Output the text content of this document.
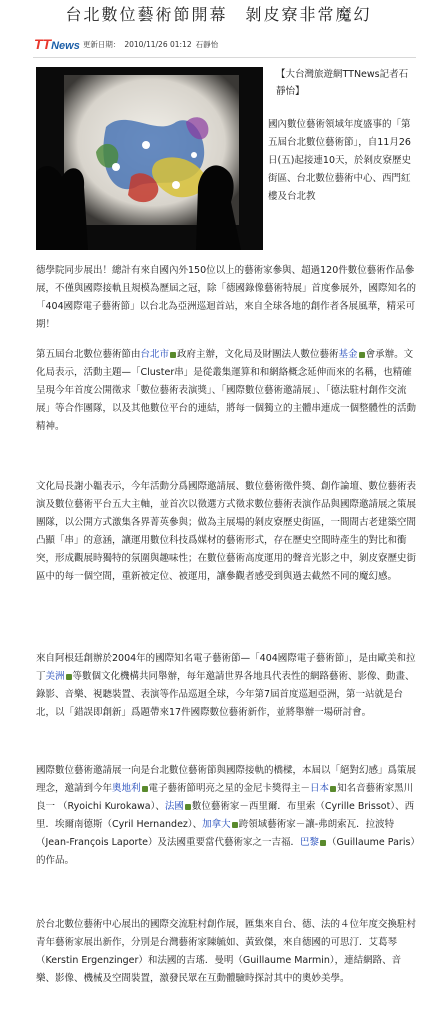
台北數位藝術節開幕　剝皮寮非常魔幻
TT News 更新日期： 2010/11/26 01:12 石靜怡
【大台灣旅遊網TTNews記者石靜怡】

國內數位藝術領域年度盛事的「第五屆台北數位藝術節」，自11月26日(五)起接連10天，於剝皮寮歷史街區、台北數位藝術中心、西門紅樓及台北教

德學院同步展出！總計有來自國內外150位以上的藝術家參與、超過120件數位藝術作品參展，不僅與國際接軌且規模為歷屆之冠，除「德國錄像藝術特展」首度參展外，國際知名的「404國際電子藝術節」以台北為亞洲巡迴首站，來自全球各地的創作者各展風華，精采可期！

第五屆台北數位藝術節由台北市 政府主辦，文化局及財團法人數位藝術基金 會承辦。文化局表示，活動主題—「Cluster串」是從叢集運算和和網絡概念延伸而來的名稱，也精確呈現今年首度公開徵求「數位藝術表演獎」、「國際數位藝術邀請展」、「德法駐村創作交流展」等合作團隊，以及其他數位平台的連結，將每一個獨立的主體串連成一個整體性的活動精神。

文化局長謝小韞表示，今年活動分爲國際邀請展、數位藝術徵件獎、創作論壇、數位藝術表演及數位藝術平台五大主軸，並首次以徵選方式徵求數位藝術表演作品與國際邀請展之策展團隊，以公開方式激集各界菁英參與；做為主展場的剝皮寮歷史街區，一間間古老建築空間凸顯「串」的意涵，讓運用數位科技爲媒材的藝術形式，存在歷史空間時產生的對比和衝突，形成觀展時獨特的氛圍與趣味性；在數位藝術高度運用的聲音光影之中，剝皮寮歷史街區中的每一個空間，重新被定位、被運用，讓參觀者感受到與過去截然不同的魔幻感。

來自阿根廷創辦於2004年的國際知名電子藝術節—「404國際電子藝術節」，是由歐美和拉丁美洲 等數個文化機構共同舉辦，每年邀請世界各地具代表性的網路藝術、影像、動畫、錄影、音樂、視聽裝置、表演等作品巡迴全球，今年第7屆首度巡迴亞洲，第一站就是台北，以「錯誤即創新」爲題帶來17件國際數位藝術新作，並將舉辦一場研討會。

國際數位藝術邀請展一向是台北數位藝術節與國際接軌的橋樑，本屆以「絕對幻感」爲策展理念，邀請到今年奧地利 電子藝術節明亮之星的金尼卡獎得主－日本 知名音藝術家黑川良一 （Ryoichi Kurokawa）、法國 數位藝術家－西里爾．布里索（Cyrille Brissot）、西里．埃爾南德斯（Cyril Hernandez）、加拿大 跨領域藝術家－讓-弗朗索瓦．拉波特（Jean-François Laporte）及法國重要當代藝術家之一吉福．巴黎 （Guillaume Paris）的作品。

於台北數位藝術中心展出的國際交流駐村創作展，匯集來自台、德、法的４位年度交換駐村青年藝術家展出新作，分別是台灣藝術家陳毓如、黃致傑，來自德國的可思汀．艾葛琴（Kerstin Ergenzinger）和法國的吉瑤．曼明（Guillaume Marmin），連結網路、音樂、影像、機械及空間裝置，激發民眾在互動體驗時探討其中的奧妙美學。
